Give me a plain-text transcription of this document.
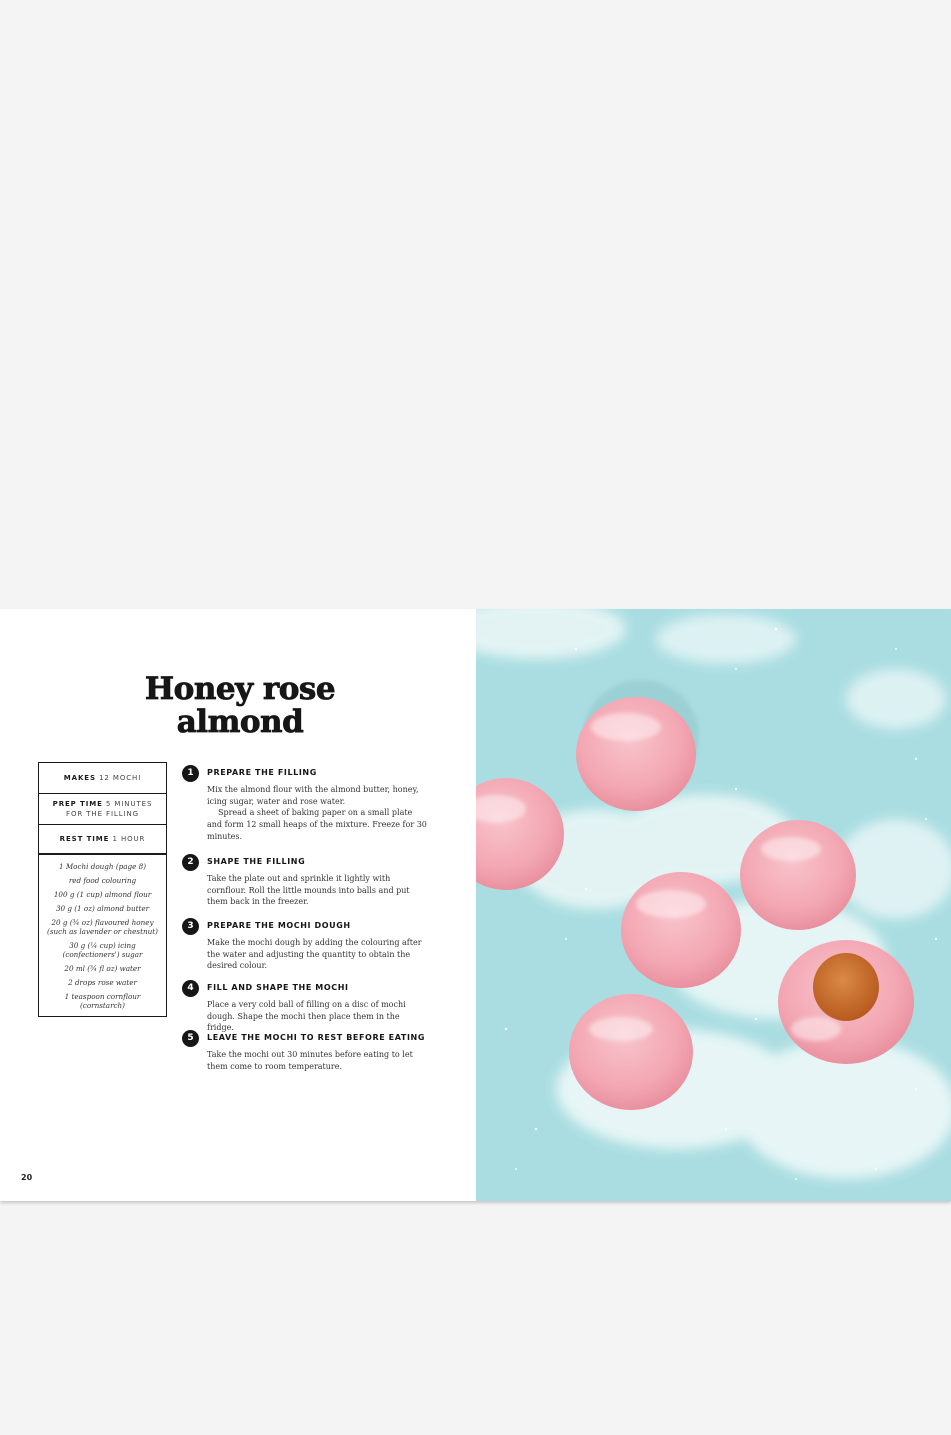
Honey rose
almond
MAKES 12 MOCHI
PREP TIME 5 MINUTES
FOR THE FILLING
REST TIME 1 HOUR
1 Mochi dough (page 8)
red food colouring
100 g (1 cup) almond flour
30 g (1 oz) almond butter
20 g (¾ oz) flavoured honey (such as lavender or chestnut)
30 g (¼ cup) icing (confectioners') sugar
20 ml (¾ fl oz) water
2 drops rose water
1 teaspoon cornflour (cornstarch)
1	PREPARE THE FILLING

Mix the almond flour with the almond butter, honey, icing sugar, water and rose water.

Spread a sheet of baking paper on a small plate and form 12 small heaps of the mixture. Freeze for 30 minutes.

2	SHAPE THE FILLING

Take the plate out and sprinkle it lightly with cornflour. Roll the little mounds into balls and put them back in the freezer.

3	PREPARE THE MOCHI DOUGH

Make the mochi dough by adding the colouring after the water and adjusting the quantity to obtain the desired colour.

4	FILL AND SHAPE THE MOCHI

Place a very cold ball of filling on a disc of mochi dough. Shape the mochi then place them in the fridge.

5	LEAVE THE MOCHI TO REST BEFORE EATING

Take the mochi out 30 minutes before eating to let them come to room temperature.

20
